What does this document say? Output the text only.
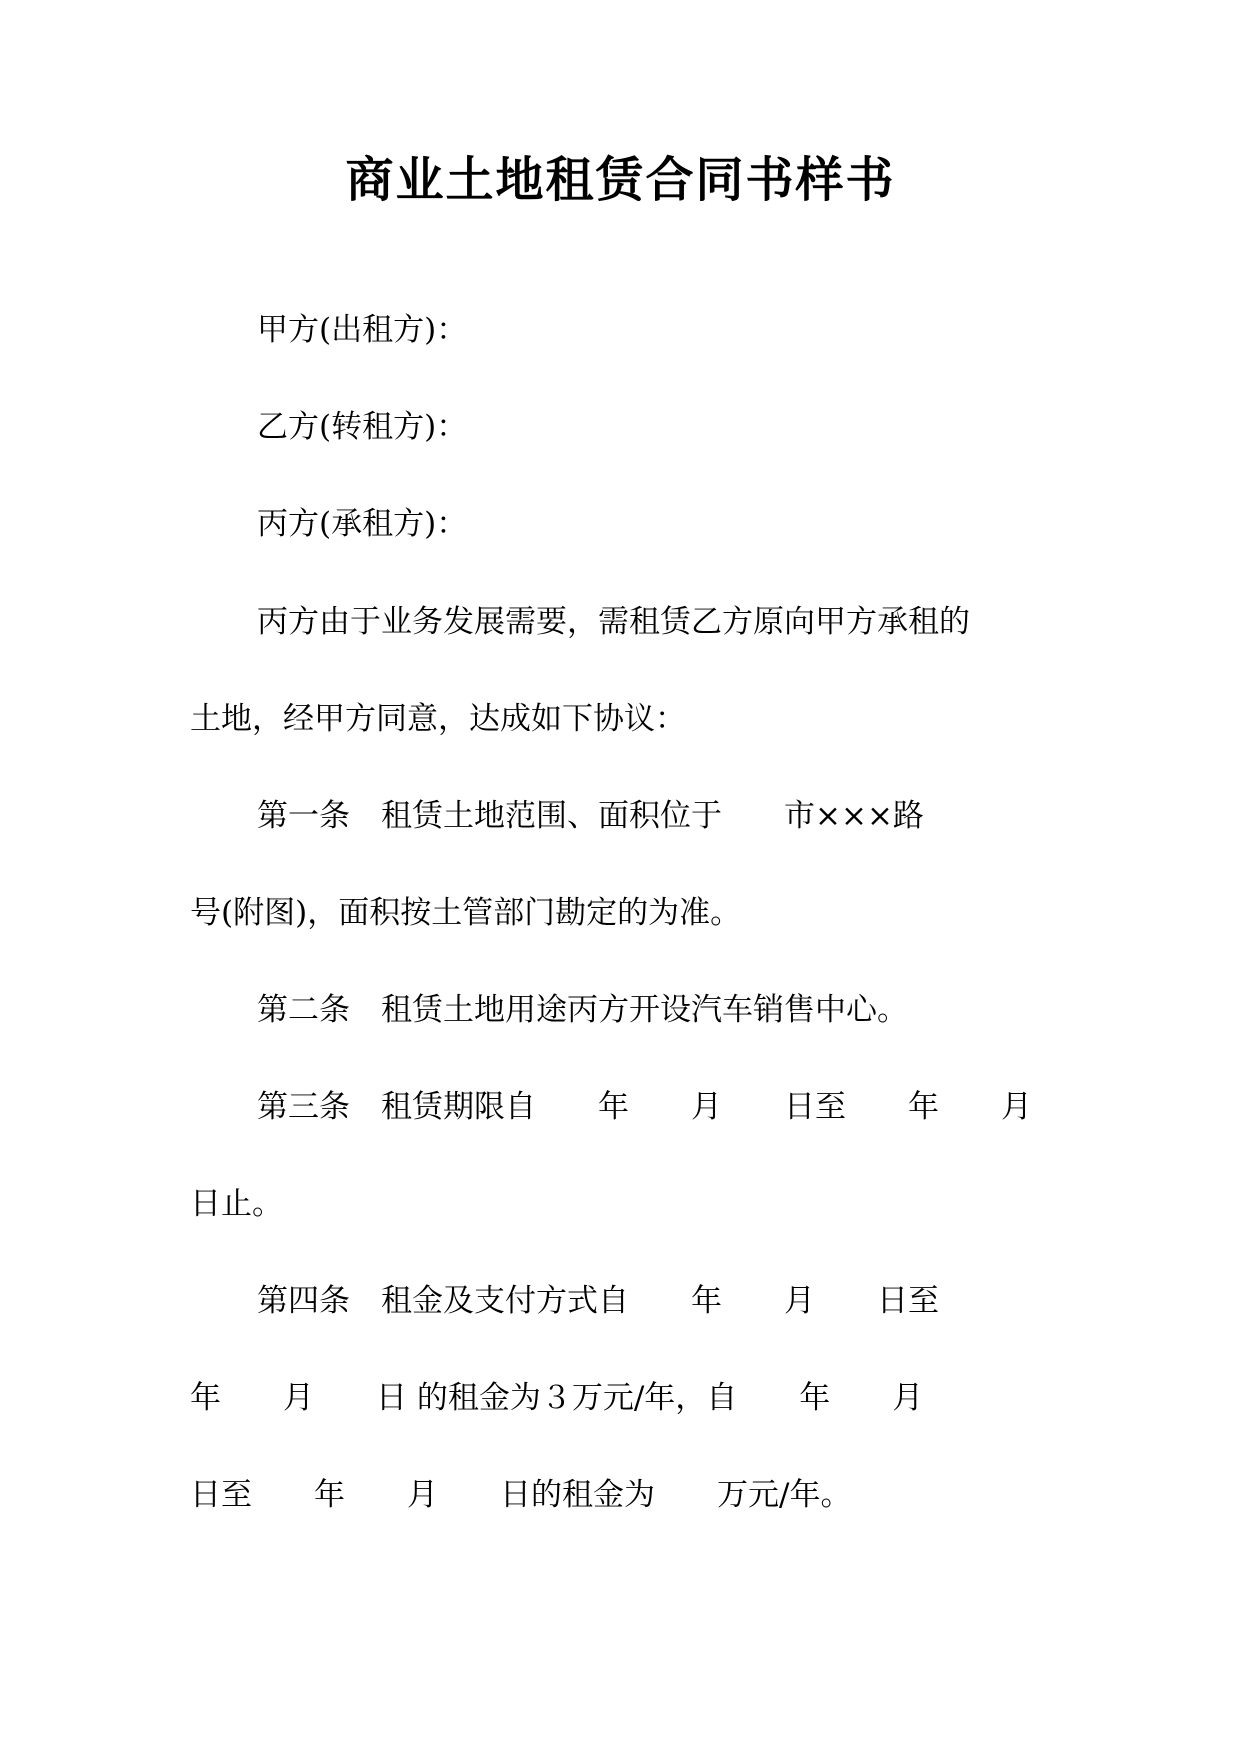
商业土地租赁合同书样书
甲方(出租方)：
乙方(转租方)：
丙方(承租方)：
丙方由于业务发展需要，需租赁乙方原向甲方承租的
土地，经甲方同意，达成如下协议：
第一条　租赁土地范围、面积位于　　市×××路
号(附图)，面积按土管部门勘定的为准。
第二条　租赁土地用途丙方开设汽车销售中心。
第三条　租赁期限自　　年　　月　　日至　　年　　月
日止。
第四条　租金及支付方式自　　年　　月　　日至
年　　月　　日 的租金为３万元/年，自　　年　　月
日至　　年　　月　　日的租金为　　万元/年。
